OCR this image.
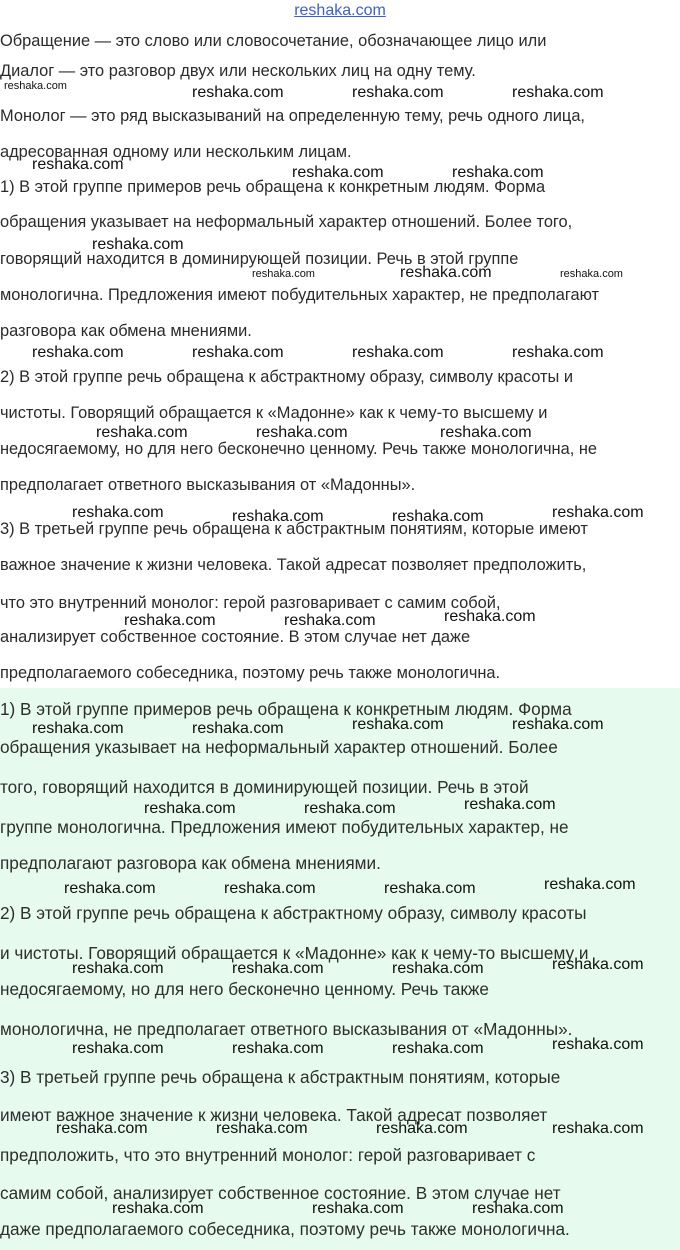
reshaka.com
Обращение — это слово или словосочетание, обозначающее лицо или
Диалог — это разговор двух или нескольких лиц на одну тему.
Монолог — это ряд высказываний на определенную тему, речь одного лица,
адресованная одному или нескольким лицам.
1) В этой группе примеров речь обращена к конкретным людям. Форма
обращения указывает на неформальный характер отношений. Более того,
говорящий находится в доминирующей позиции. Речь в этой группе
монологична. Предложения имеют побудительных характер, не предполагают
разговора как обмена мнениями.
2) В этой группе речь обращена к абстрактному образу, символу красоты и
чистоты. Говорящий обращается к «Мадонне» как к чему-то высшему и
недосягаемому, но для него бесконечно ценному. Речь также монологична, не
предполагает ответного высказывания от «Мадонны».
3) В третьей группе речь обращена к абстрактным понятиям, которые имеют
важное значение к жизни человека. Такой адресат позволяет предположить,
что это внутренний монолог: герой разговаривает с самим собой,
анализирует собственное состояние. В этом случае нет даже
предполагаемого собеседника, поэтому речь также монологична.
1) В этой группе примеров речь обращена к конкретным людям. Форма
обращения указывает на неформальный характер отношений. Более
того, говорящий находится в доминирующей позиции. Речь в этой
группе монологична. Предложения имеют побудительных характер, не
предполагают разговора как обмена мнениями.
2) В этой группе речь обращена к абстрактному образу, символу красоты
и чистоты. Говорящий обращается к «Мадонне» как к чему-то высшему и
недосягаемому, но для него бесконечно ценному. Речь также
монологична, не предполагает ответного высказывания от «Мадонны».
3) В третьей группе речь обращена к абстрактным понятиям, которые
имеют важное значение к жизни человека. Такой адресат позволяет
предположить, что это внутренний монолог: герой разговаривает с
самим собой, анализирует собственное состояние. В этом случае нет
даже предполагаемого собеседника, поэтому речь также монологична.
reshaka.com	reshaka.com	reshaka.com	reshaka.com
reshaka.com	reshaka.com	reshaka.com
reshaka.com
reshaka.com	reshaka.com	reshaka.com
reshaka.com	reshaka.com	reshaka.com	reshaka.com
reshaka.com	reshaka.com	reshaka.com
reshaka.com	reshaka.com	reshaka.com	reshaka.com
reshaka.com	reshaka.com	reshaka.com
reshaka.com	reshaka.com	reshaka.com	reshaka.com
reshaka.com	reshaka.com	reshaka.com
reshaka.com	reshaka.com	reshaka.com	reshaka.com
reshaka.com	reshaka.com	reshaka.com	reshaka.com
reshaka.com	reshaka.com	reshaka.com	reshaka.com
reshaka.com	reshaka.com	reshaka.com	reshaka.com
reshaka.com	reshaka.com	reshaka.com
